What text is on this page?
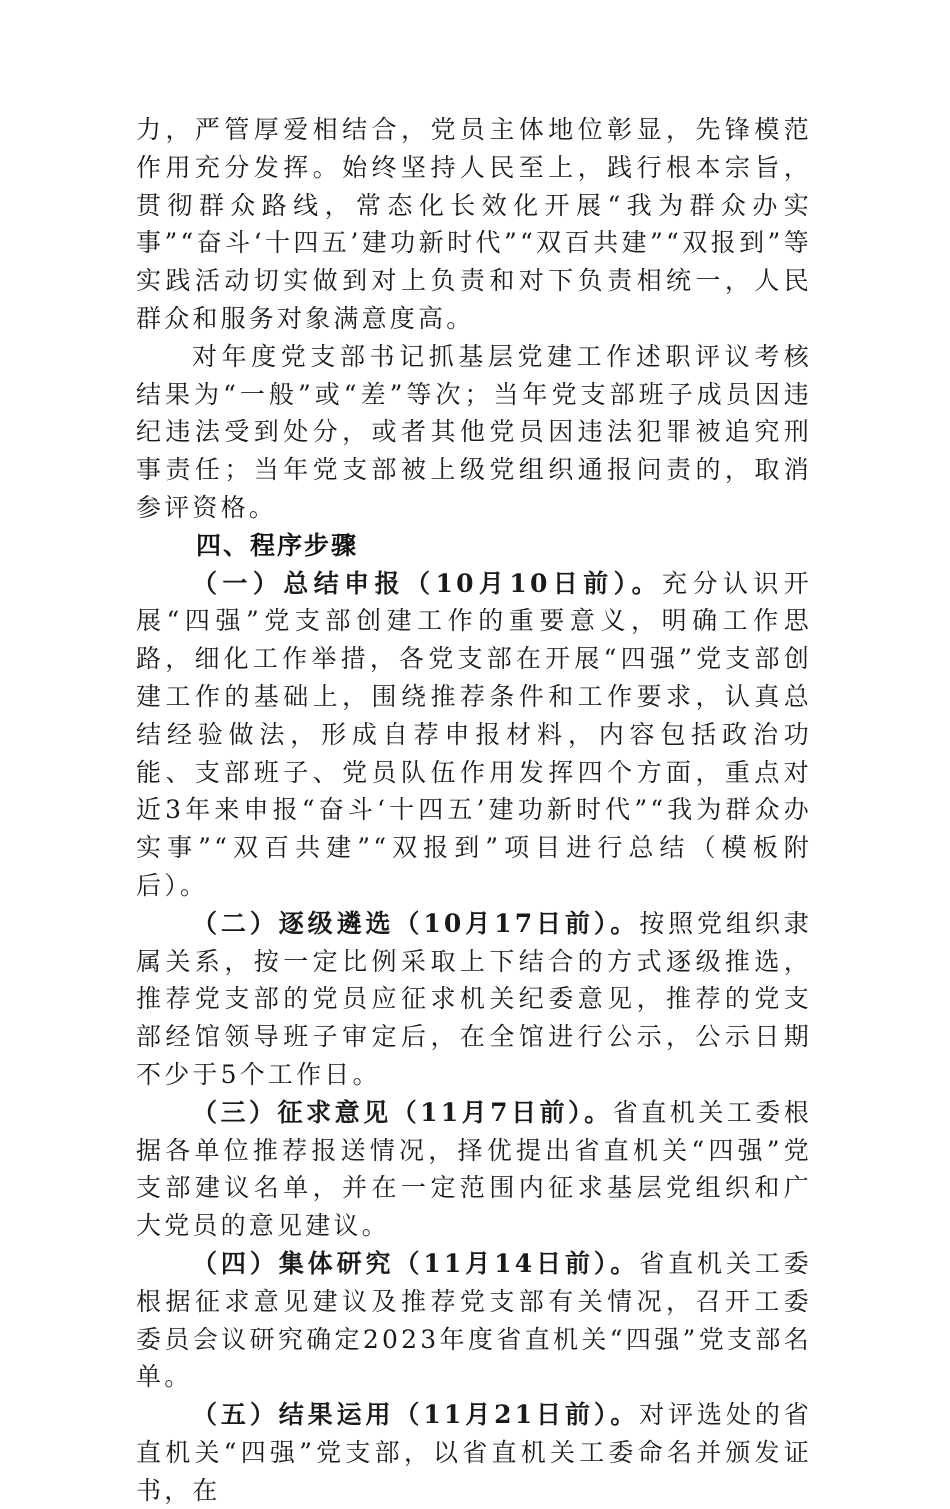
力，严管厚爱相结合，党员主体地位彰显，先锋模范作用充分发挥。始终坚持人民至上，践行根本宗旨，贯彻群众路线，常态化长效化开展“我为群众办实事”“奋斗‘十四五’建功新时代”“双百共建”“双报到”等实践活动切实做到对上负责和对下负责相统一，人民群众和服务对象满意度高。

对年度党支部书记抓基层党建工作述职评议考核结果为“一般”或“差”等次；当年党支部班子成员因违纪违法受到处分，或者其他党员因违法犯罪被追究刑事责任；当年党支部被上级党组织通报问责的，取消参评资格。

四、程序步骤

（一）总结申报（10月10日前）。充分认识开展“四强”党支部创建工作的重要意义，明确工作思路，细化工作举措，各党支部在开展“四强”党支部创建工作的基础上，围绕推荐条件和工作要求，认真总结经验做法，形成自荐申报材料，内容包括政治功能、支部班子、党员队伍作用发挥四个方面，重点对近3年来申报“奋斗‘十四五’建功新时代”“我为群众办实事”“双百共建”“双报到”项目进行总结（模板附后）。

（二）逐级遴选（10月17日前）。按照党组织隶属关系，按一定比例采取上下结合的方式逐级推选，推荐党支部的党员应征求机关纪委意见，推荐的党支部经馆领导班子审定后，在全馆进行公示，公示日期不少于5个工作日。

（三）征求意见（11月7日前）。省直机关工委根据各单位推荐报送情况，择优提出省直机关“四强”党支部建议名单，并在一定范围内征求基层党组织和广大党员的意见建议。

（四）集体研究（11月14日前）。省直机关工委根据征求意见建议及推荐党支部有关情况，召开工委委员会议研究确定2023年度省直机关“四强”党支部名单。

（五）结果运用（11月21日前）。对评选处的省直机关“四强”党支部，以省直机关工委命名并颁发证书，在
